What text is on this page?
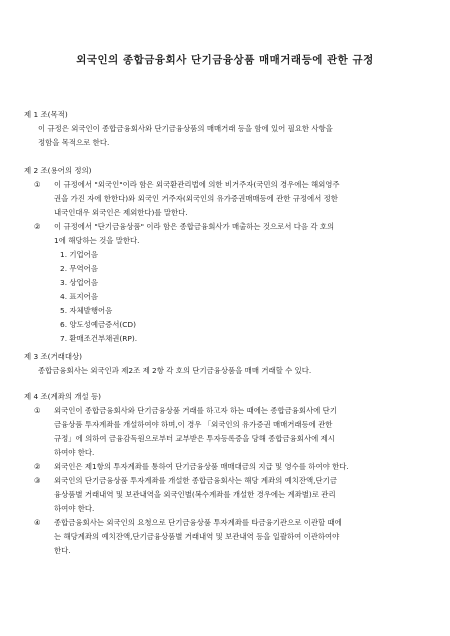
외국인의 종합금융회사 단기금융상품 매매거래등에 관한 규정

제 1 조(목적)

이 규정은 외국인이 종합금융회사와 단기금융상품의 매매거래 등을 함에 있어 필요한 사항을

정함을 목적으로 한다.

제 2 조(용어의 정의)

① 이 규정에서 "외국인"이라 함은 외국환관리법에 의한 비거주자(국민의 경우에는 해외영주

권을 가진 자에 한한다)와 외국인 거주자(외국인의 유가증권매매등에 관한 규정에서 정한

내국인대우 외국인은 제외한다)를 말한다.

② 이 규정에서 "단기금융상품" 이라 함은 종합금융회사가 매출하는 것으로서 다음 각 호의

1에 해당하는 것을 말한다.

1. 기업어음
2. 무역어음
3. 상업어음
4. 표지어음
5. 자체발행어음
6. 양도성예금증서(CD)
7. 환매조건부채권(RP).

제 3 조(거래대상)

종합금융회사는 외국인과 제2조 제 2항 각 호의 단기금융상품을 매매 거래할 수 있다.

제 4 조(계좌의 개설 등)

① 외국인이 종합금융회사와 단기금융상품 거래를 하고자 하는 때에는 종합금융회사에 단기

금융상품 투자계좌를 개설하여야 하며,이 경우 「외국인의 유가증권 매매거래등에 관한

규정」에 의하여 금융감독원으로부터 교부받은 투자등록증을 당해 종합금융회사에 제시

하여야 한다.

② 외국인은 제1항의 투자계좌를 통하여 단기금융상품 매매대금의 지급 및 영수를 하여야 한다.

③ 외국인의 단기금융상품 투자계좌를 개설한 종합금융회사는 해당 계좌의 예치잔액,단기금

융상품별 거래내역 및 보관내역을 외국인별(복수계좌를 개설한 경우에는 계좌별)로 관리

하여야 한다.

④ 종합금융회사는 외국인의 요청으로 단기금융상품 투자계좌를 타금융기관으로 이관할 때에

는 해당계좌의 예치잔액,단기금융상품별 거래내역 및 보관내역 등을 일괄하여 이관하여야

한다.
